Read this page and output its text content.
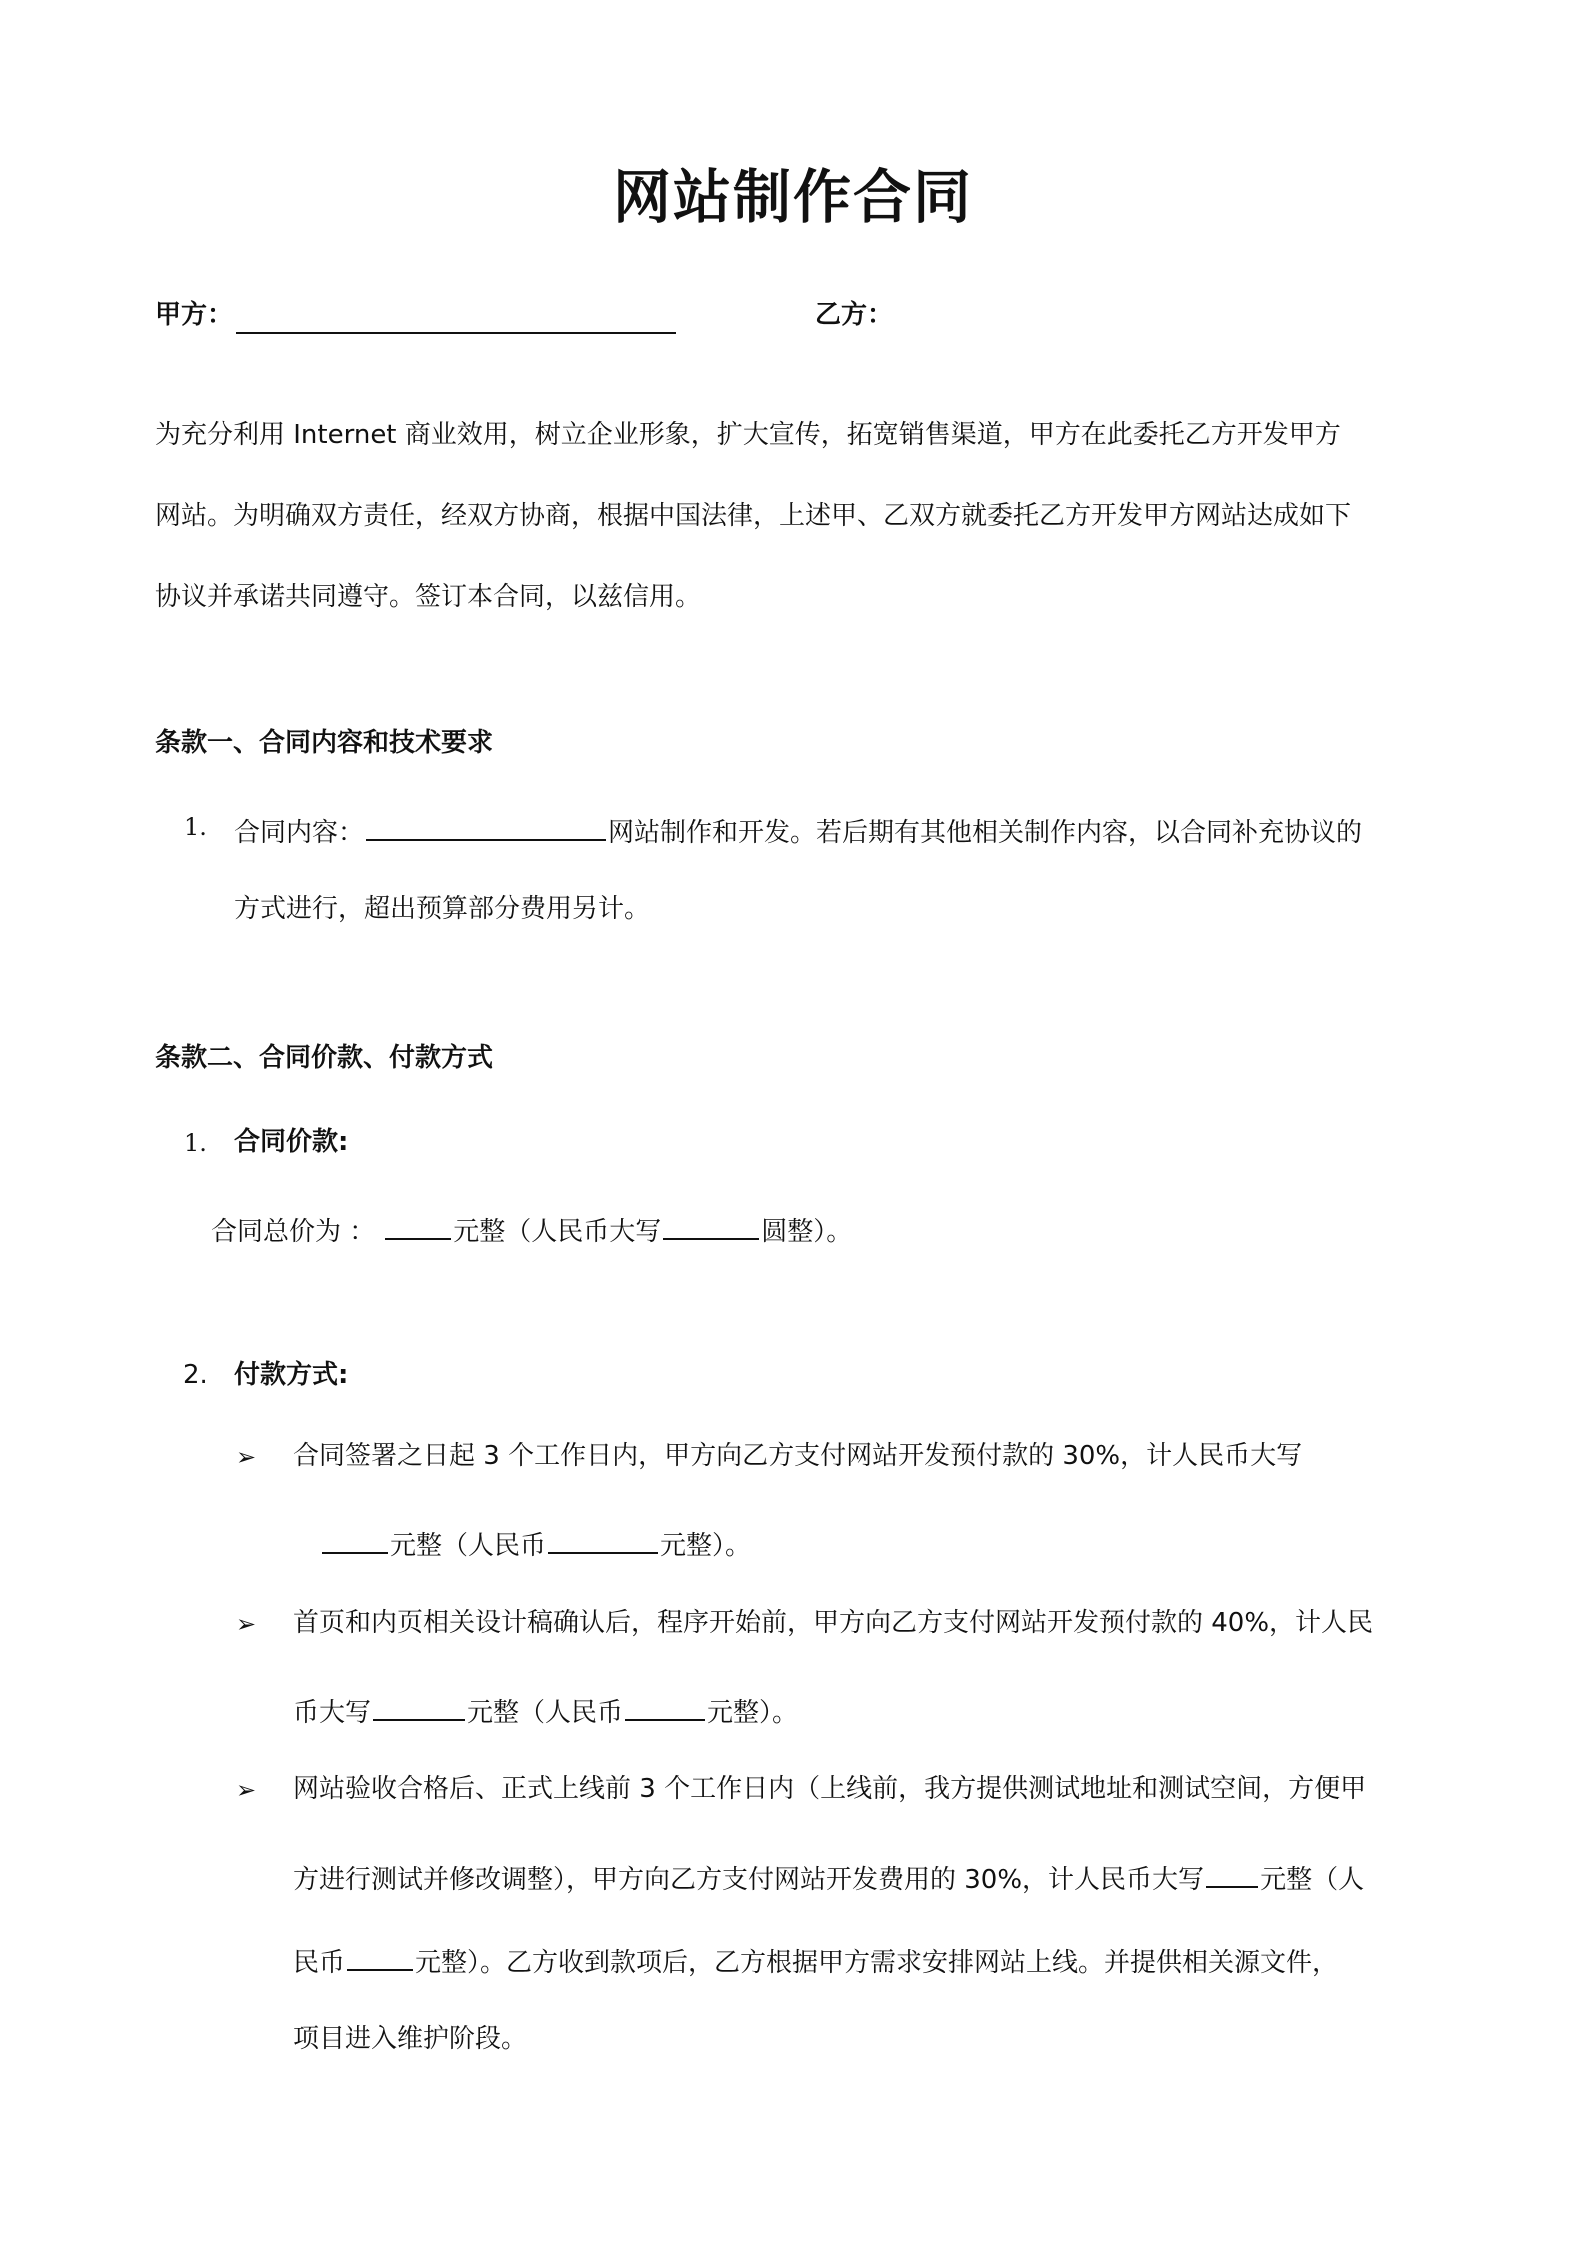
网站制作合同
甲方：	乙方：
为充分利用 Internet 商业效用，树立企业形象，扩大宣传，拓宽销售渠道，甲方在此委托乙方开发甲方
网站。为明确双方责任，经双方协商，根据中国法律，上述甲、乙双方就委托乙方开发甲方网站达成如下
协议并承诺共同遵守。签订本合同，以兹信用。
条款一、合同内容和技术要求
1. 合同内容：	网站制作和开发。若后期有其他相关制作内容，以合同补充协议的
方式进行，超出预算部分费用另计。
条款二、合同价款、付款方式
1. 合同价款:
合同总价为 ：	元整（人民币大写	圆整）。
2. 付款方式:
➢ 合同签署之日起 3 个工作日内，甲方向乙方支付网站开发预付款的 30%，计人民币大写
元整（人民币	元整）。
➢ 首页和内页相关设计稿确认后，程序开始前，甲方向乙方支付网站开发预付款的 40%，计人民
币大写	元整（人民币	元整）。
➢ 网站验收合格后、正式上线前 3 个工作日内（上线前，我方提供测试地址和测试空间，方便甲
方进行测试并修改调整），甲方向乙方支付网站开发费用的 30%，计人民币大写 元整（人
民币	元整）。乙方收到款项后，乙方根据甲方需求安排网站上线。并提供相关源文件，
项目进入维护阶段。
